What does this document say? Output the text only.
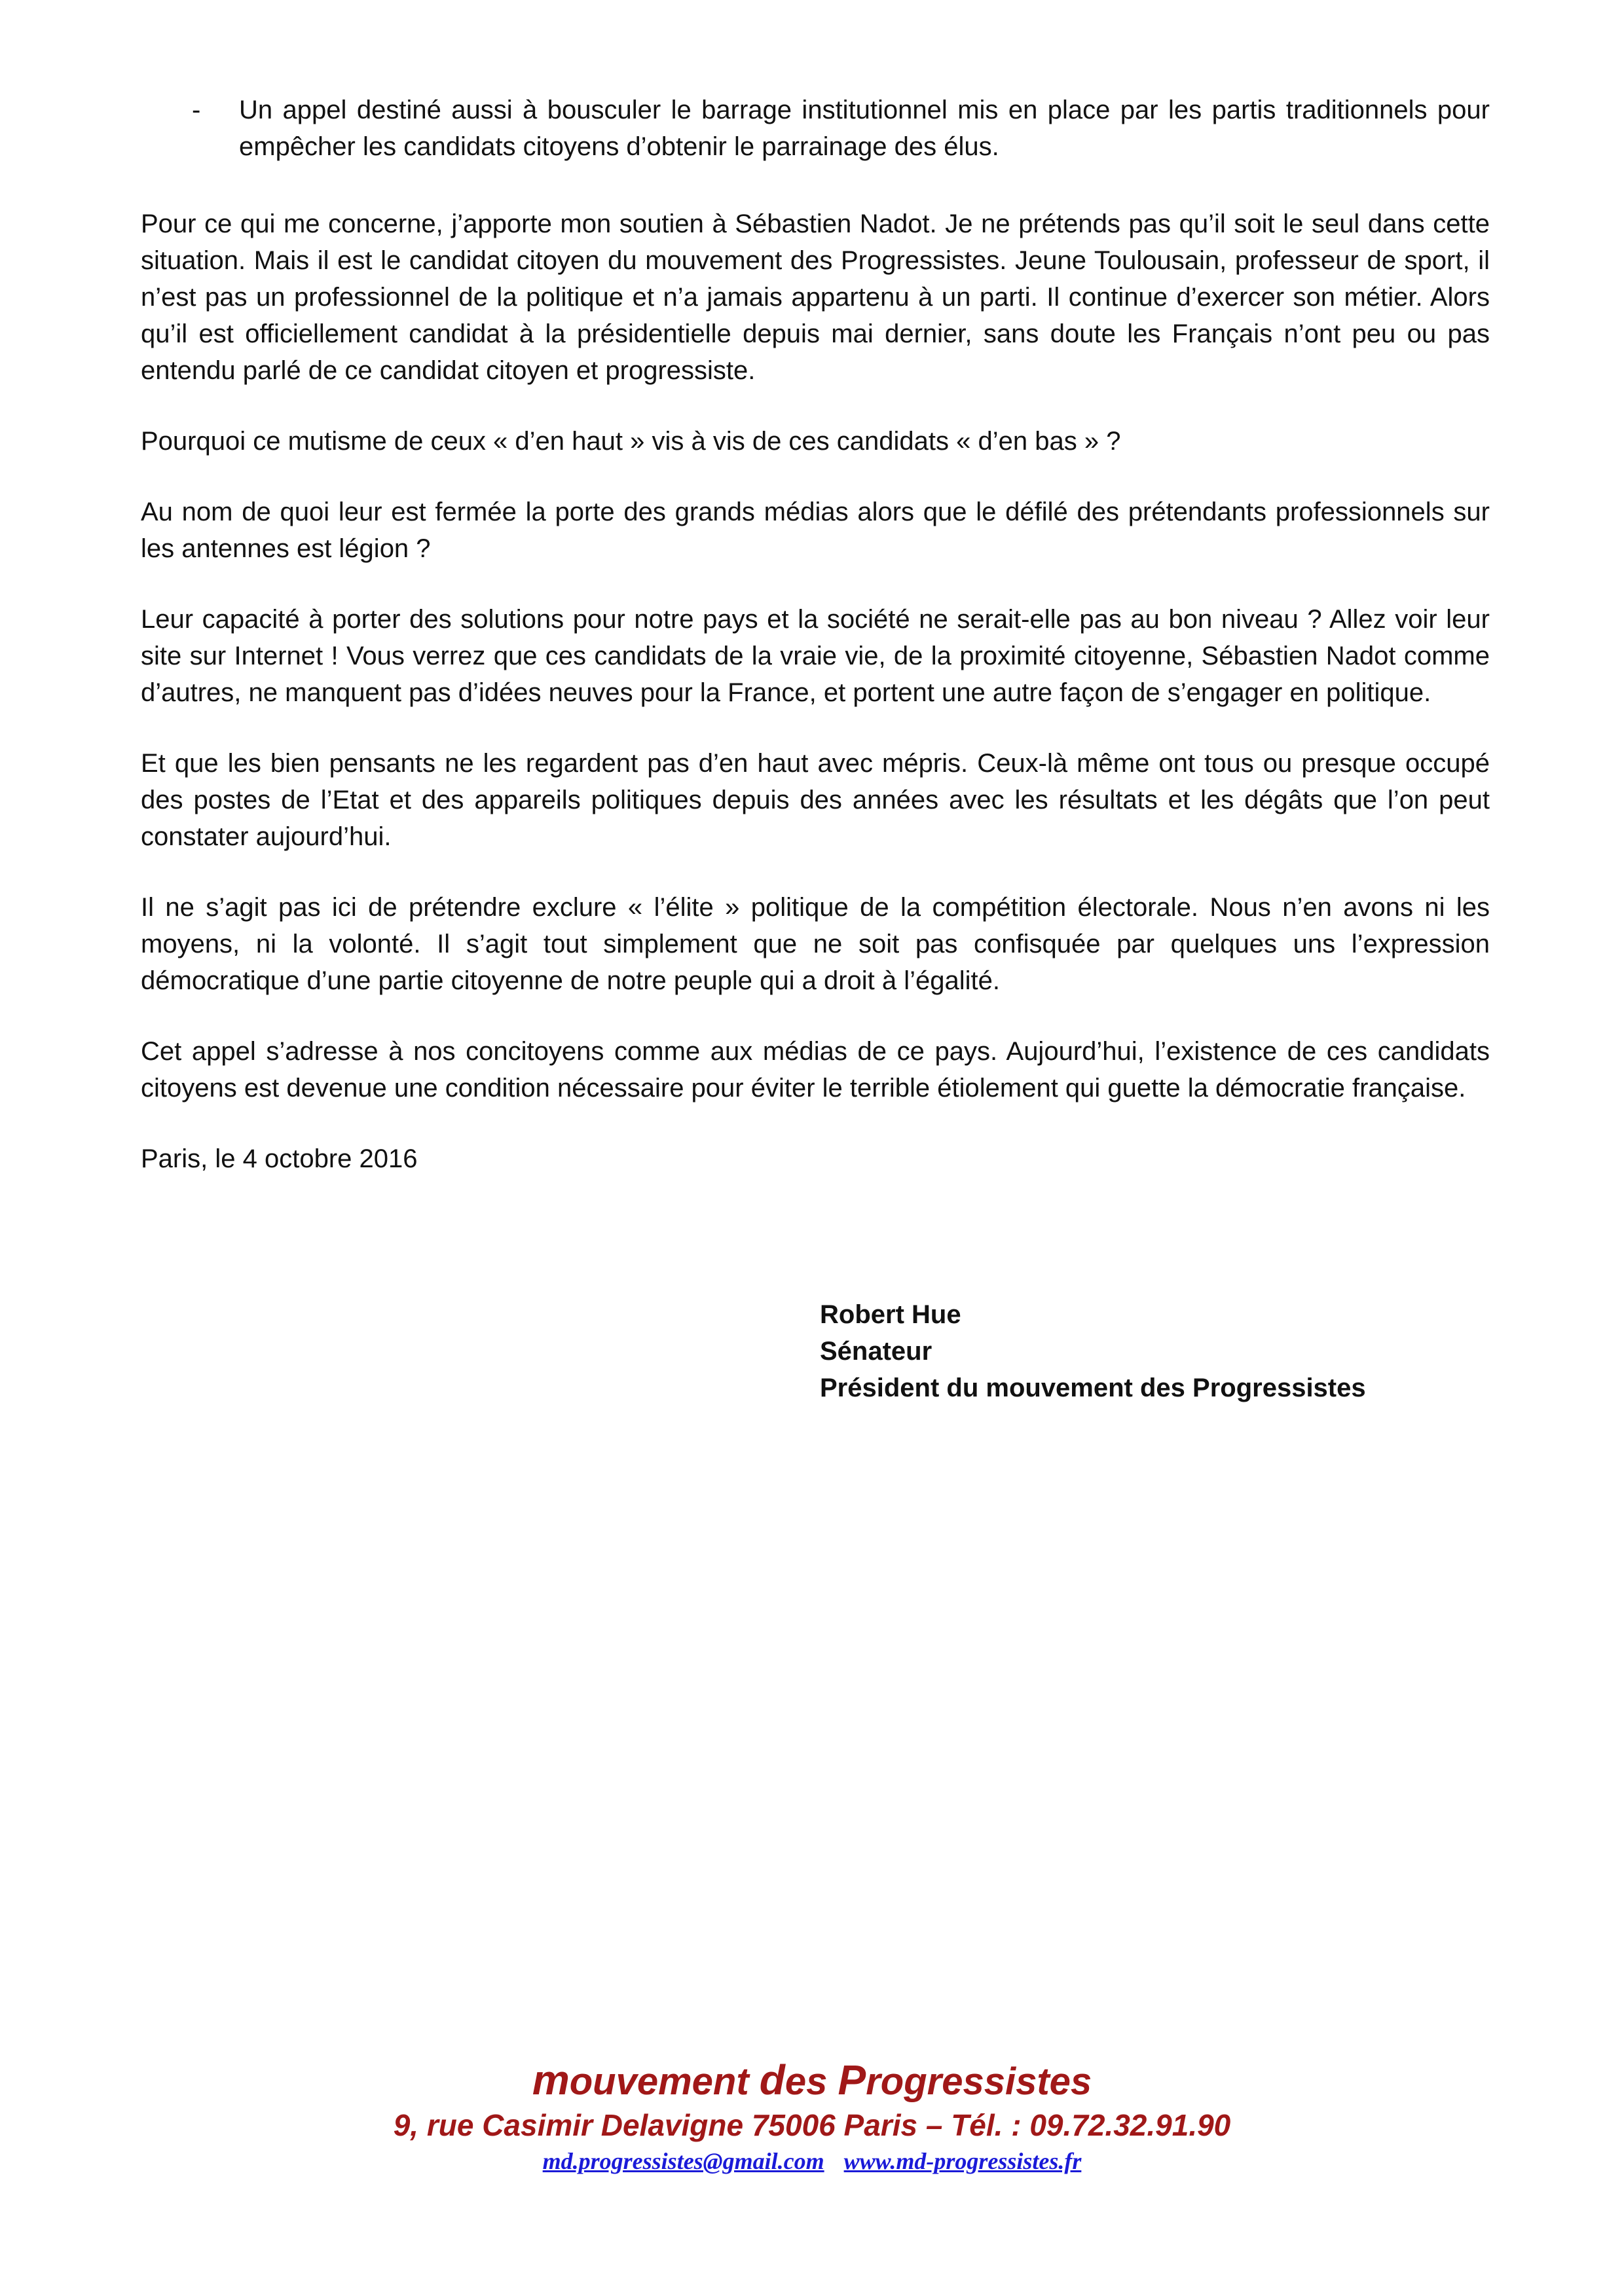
- Un appel destiné aussi à bousculer le barrage institutionnel mis en place par les partis traditionnels pour empêcher les candidats citoyens d’obtenir le parrainage des élus.

Pour ce qui me concerne, j’apporte mon soutien à Sébastien Nadot. Je ne prétends pas qu’il soit le seul dans cette situation. Mais il est le candidat citoyen du mouvement des Progressistes. Jeune Toulousain, professeur de sport, il n’est pas un professionnel de la politique et n’a jamais appartenu à un parti. Il continue d’exercer son métier. Alors qu’il est officiellement candidat à la présidentielle depuis mai dernier, sans doute les Français n’ont peu ou pas entendu parlé de ce candidat citoyen et progressiste.

Pourquoi ce mutisme de ceux « d’en haut » vis à vis de ces candidats « d’en bas » ?

Au nom de quoi leur est fermée la porte des grands médias alors que le défilé des prétendants professionnels sur les antennes est légion ?

Leur capacité à porter des solutions pour notre pays et la société ne serait-elle pas au bon niveau ? Allez voir leur site sur Internet ! Vous verrez que ces candidats de la vraie vie, de la proximité citoyenne, Sébastien Nadot comme d’autres, ne manquent pas d’idées neuves pour la France, et portent une autre façon de s’engager en politique.

Et que les bien pensants ne les regardent pas d’en haut avec mépris. Ceux-là même ont tous ou presque occupé des postes de l’Etat et des appareils politiques depuis des années avec les résultats et les dégâts que l’on peut constater aujourd’hui.

Il ne s’agit pas ici de prétendre exclure « l’élite » politique de la compétition électorale. Nous n’en avons ni les moyens, ni la volonté. Il s’agit tout simplement que ne soit pas confisquée par quelques uns l’expression démocratique d’une partie citoyenne de notre peuple qui a droit à l’égalité.

Cet appel s’adresse à nos concitoyens comme aux médias de ce pays. Aujourd’hui, l’existence de ces candidats citoyens est devenue une condition nécessaire pour éviter le terrible étiolement qui guette la démocratie française.

Paris, le 4 octobre 2016

Robert Hue
Sénateur
Président du mouvement des Progressistes
mouvement des Progressistes
9, rue Casimir Delavigne 75006 Paris – Tél. : 09.72.32.91.90
md.progressistes@gmail.com www.md-progressistes.fr
